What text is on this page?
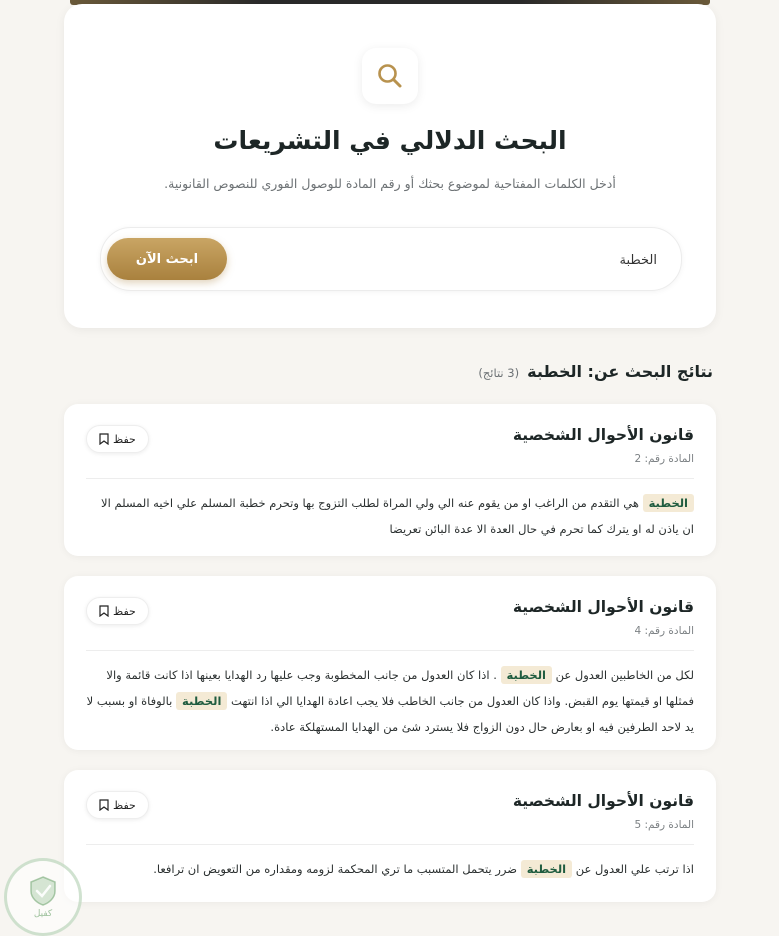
البحث الدلالي في التشريعات
أدخل الكلمات المفتاحية لموضوع بحثك أو رقم المادة للوصول الفوري للنصوص القانونية.
الخطبة
ابحث الآن
نتائج البحث عن: الخطبة
(3 نتائج)
قانون الأحوال الشخصية
المادة رقم: 2
حفظ
الخطبة هي التقدم من الراغب او من يقوم عنه الي ولي المراة لطلب التزوج بها وتحرم خطبة المسلم علي اخيه المسلم الا ان ياذن له او يترك كما تحرم في حال العدة الا عدة البائن تعريضا
قانون الأحوال الشخصية
المادة رقم: 4
حفظ
لكل من الخاطبين العدول عن الخطبة . اذا كان العدول من جانب المخطوبة وجب عليها رد الهدايا بعينها اذا كانت قائمة والا فمثلها او قيمتها يوم القبض. واذا كان العدول من جانب الخاطب فلا يجب اعادة الهدايا الي اذا انتهت الخطبة بالوفاة او بسبب لا يد لاحد الطرفين فيه او بعارض حال دون الزواج فلا يسترد شئ من الهدايا المستهلكة عادة.
قانون الأحوال الشخصية
المادة رقم: 5
حفظ
اذا ترتب علي العدول عن الخطبة ضرر يتحمل المتسبب ما تري المحكمة لزومه ومقداره من التعويض ان ترافعا.
كفيل
